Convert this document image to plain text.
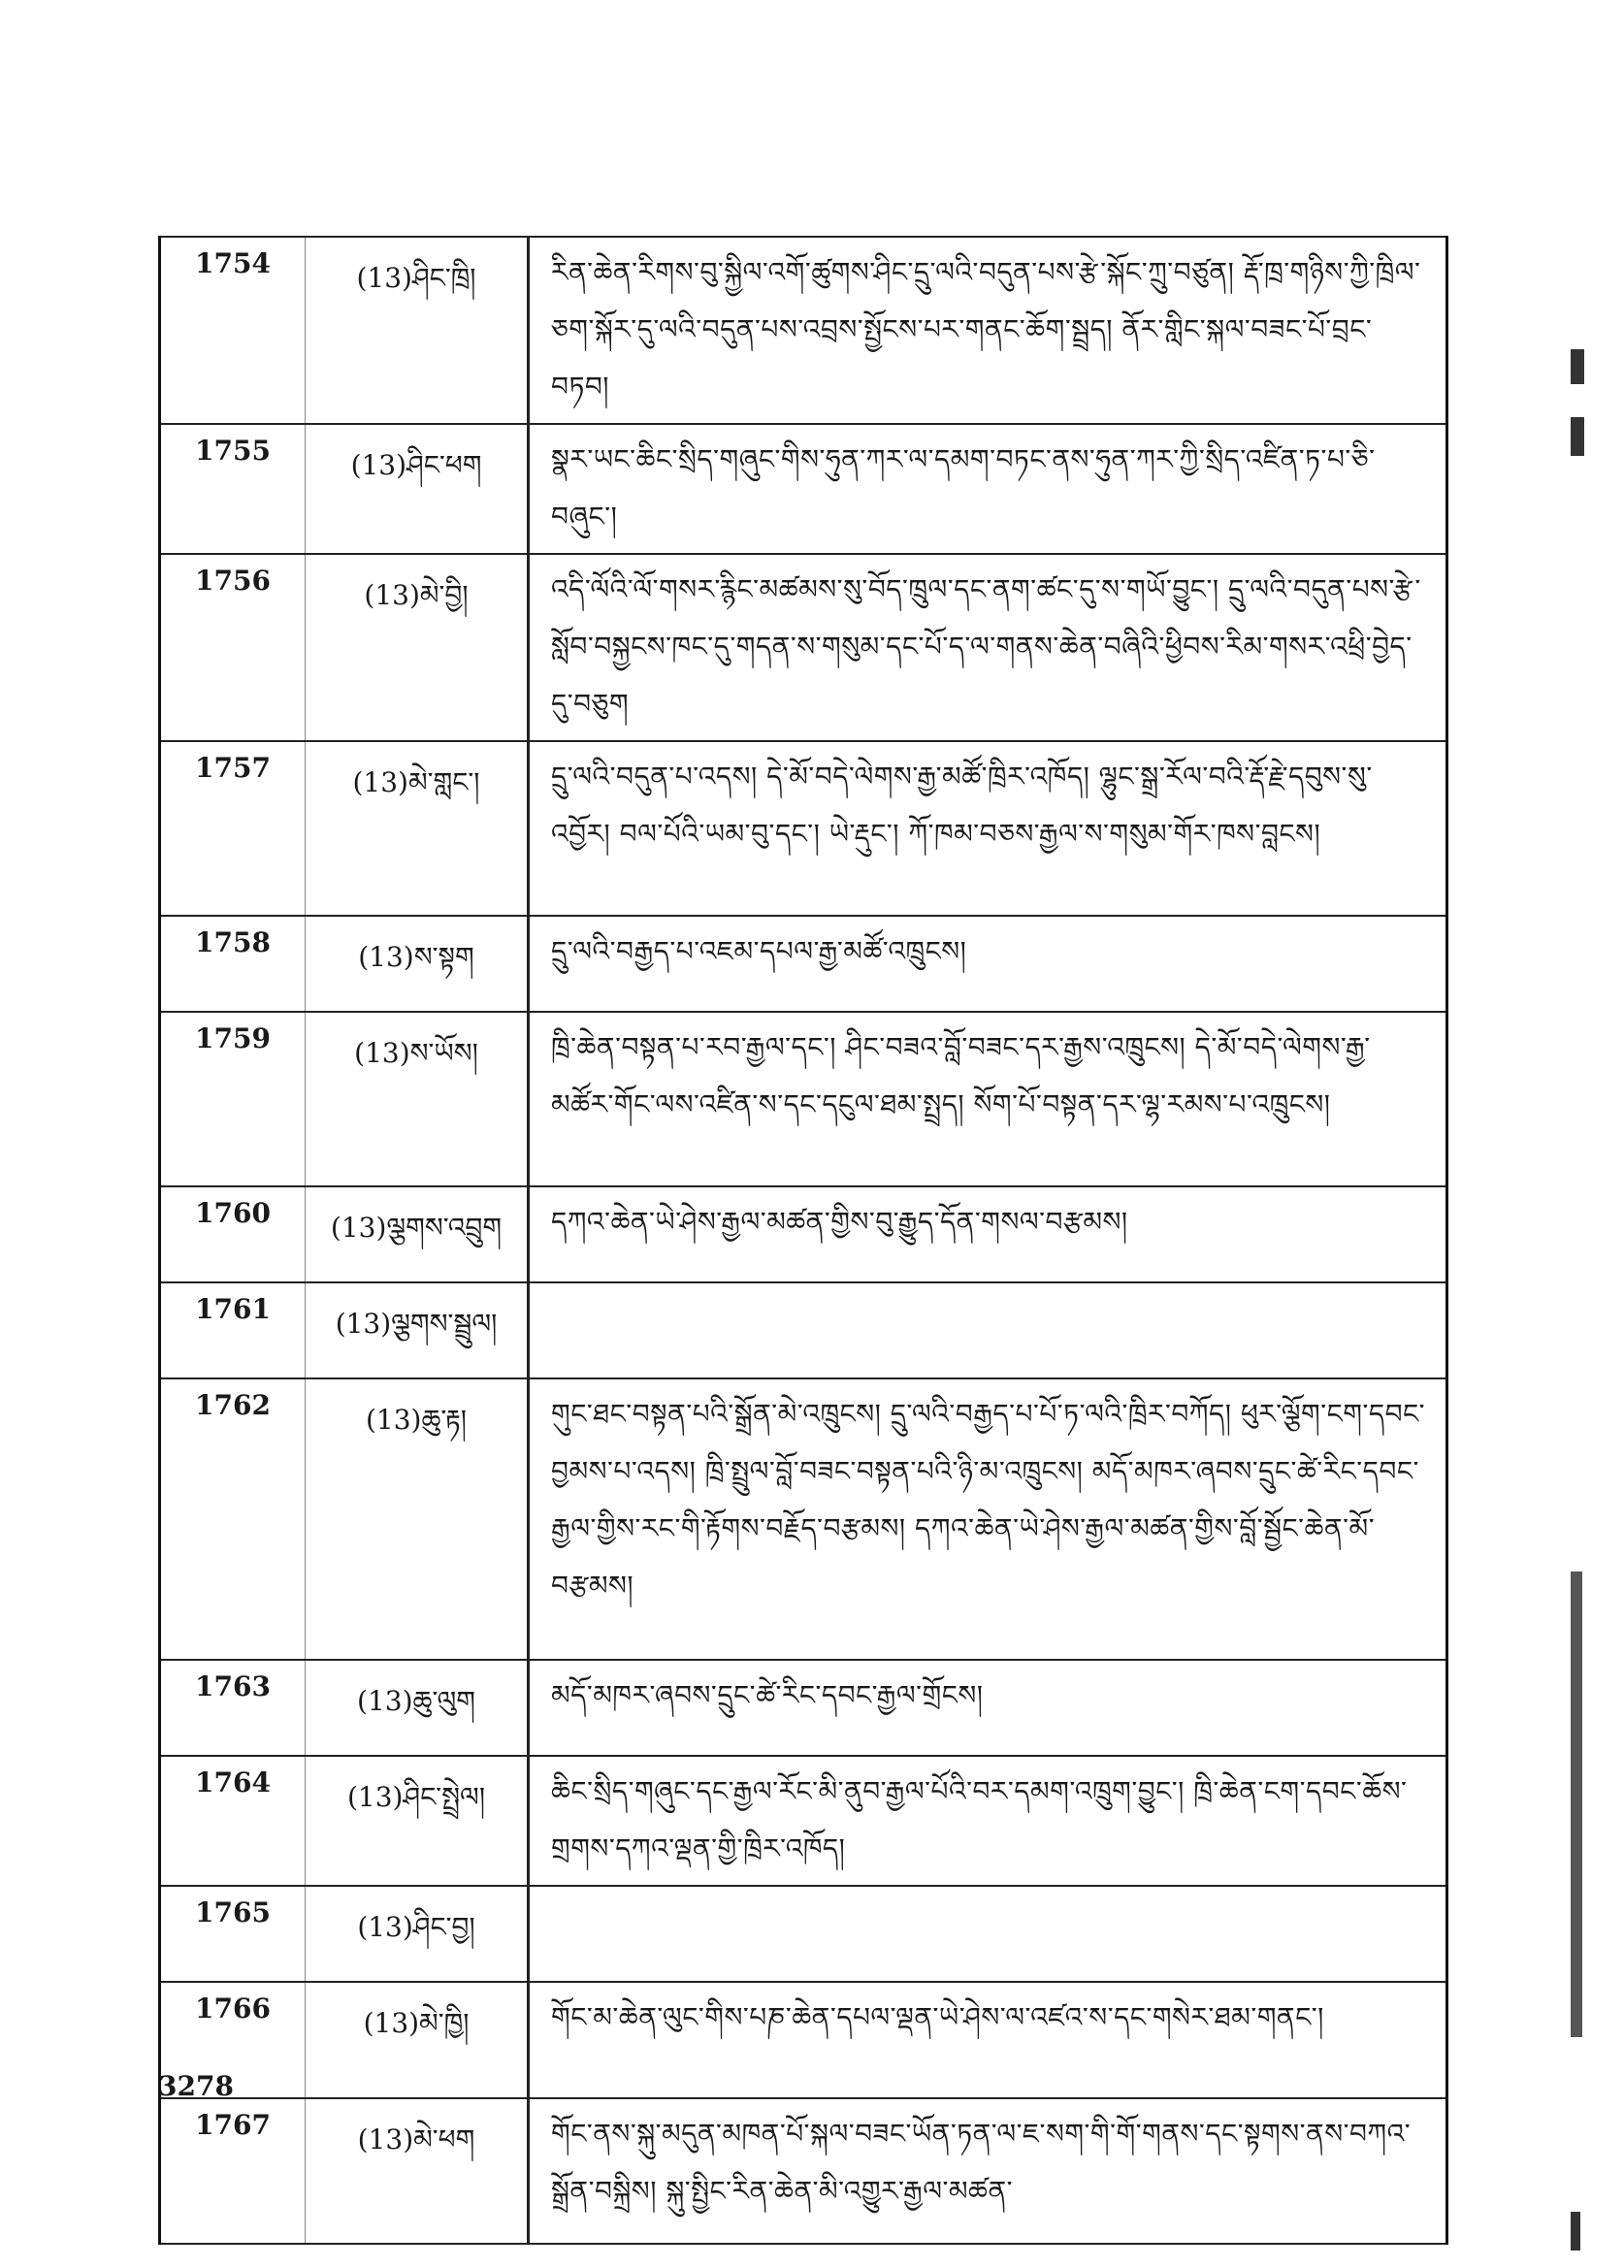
1754	(13)ཤིང་ཁྲི།	རིན་ཆེན་རིགས་བུ་སྐྱིལ་འགོ་ཚུགས་ཤིང་དྲུ་ལའི་བདུན་པས་རྩེ་སྐོང་ཀྲུ་བཙུན། རྡོ་ཁྲ་གཉིས་ཀྱི་ཁྲིལ་ཅག་སྐོར་དུ་ལའི་བདུན་པས་འབྲས་སྤྱོངས་པར་གནང་ཆོག་སྦྲད། ནོར་གླིང་སྐལ་བཟང་པོ་བྲང་བཏབ།
1755	(13)ཤིང་ཕག	སྣར་ཡང་ཆིང་སྲིད་གཞུང་གིས་ཧུན་ཀར་ལ་དམག་བཏང་ནས་ཧུན་ཀར་ཀྱི་སྲིད་འཛིན་ཏ་པ་ཅི་བཞུང་།
1756	(13)མེ་བྱི།	འདི་ལོའི་ལོ་གསར་རྙིང་མཚམས་སུ་བོད་ཁྲུལ་དང་ནག་ཚང་དུ་ས་གཡོ་བྱུང་། དྲུ་ལའི་བདུན་པས་རྩེ་སློབ་བསྐྱངས་ཁང་དུ་གདན་ས་གསུམ་དང་པོ་ད་ལ་གནས་ཆེན་བཞིའི་ཕྱིབས་རིམ་གསར་འཕྲི་བྱེད་དུ་བཅུག
1757	(13)མེ་གླང་།	དྲུ་ལའི་བདུན་པ་འདས། དེ་མོ་བདེ་ལེགས་རྒྱ་མཚོ་ཁྲིར་འཁོད། ལྷུང་སྒྲ་རོལ་བའི་རྡོ་རྗེ་དབུས་སུ་འབྱོར། བལ་པོའི་ཡམ་བུ་དང་། ཡེ་རྡུང་། ཀོ་ཁམ་བཅས་རྒྱལ་ས་གསུམ་གོར་ཁས་བླངས།
1758	(13)ས་སྟག	དྲུ་ལའི་བརྒྱད་པ་འཇམ་དཔལ་རྒྱ་མཚོ་འཁྲུངས།
1759	(13)ས་ཡོས།	ཁྲི་ཆེན་བསྟན་པ་རབ་རྒྱལ་དང་། ཤིང་བཟའ་བློ་བཟང་དར་རྒྱས་འཁྲུངས། དེ་མོ་བདེ་ལེགས་རྒྱ་མཚོར་གོང་ལས་འཛིན་ས་དང་དངུལ་ཐམ་སྤྲད། སོག་པོ་བསྟན་དར་ལྷ་རམས་པ་འཁྲུངས།
1760	(13)ལྕགས་འབྲུག	དཀའ་ཆེན་ཡེ་ཤེས་རྒྱལ་མཚན་གྱིས་བུ་རྒྱུད་དོན་གསལ་བརྩམས།
1761	(13)ལྕགས་སྦྲུལ།	
1762	(13)ཆུ་རྟ།	གུང་ཐང་བསྟན་པའི་སྒྲོན་མེ་འཁྲུངས། དྲུ་ལའི་བརྒྱད་པ་པོ་ཏ་ལའི་ཁྲིར་བཀོད། ཕུར་ལྕོག་ངག་དབང་བྱམས་པ་འདས། ཁྲི་སྤྲུལ་བློ་བཟང་བསྟན་པའི་ཉི་མ་འཁྲུངས། མདོ་མཁར་ཞབས་དྲུང་ཚེ་རིང་དབང་རྒྱལ་གྱིས་རང་གི་རྟོགས་བརྗོད་བརྩམས། དཀའ་ཆེན་ཡེ་ཤེས་རྒྱལ་མཚན་གྱིས་བློ་སྦྱོང་ཆེན་མོ་བརྩམས།
1763	(13)ཆུ་ལུག	མདོ་མཁར་ཞབས་དྲུང་ཚེ་རིང་དབང་རྒྱལ་གྲོངས།
1764	(13)ཤིང་སྤྲེལ།	ཆིང་སྲིད་གཞུང་དང་རྒྱལ་རོང་མི་ནུབ་རྒྱལ་པོའི་བར་དམག་འཁྲུག་བྱུང་། ཁྲི་ཆེན་ངག་དབང་ཆོས་གྲགས་དཀའ་ལྡན་གྱི་ཁྲིར་འཁོད།
1765	(13)ཤིང་བྱ།	
1766	(13)མེ་ཁྱི།	གོང་མ་ཆེན་ལུང་གིས་པཎ་ཆེན་དཔལ་ལྡན་ཡེ་ཤེས་ལ་འཛའ་ས་དང་གསེར་ཐམ་གནང་།
1767	(13)མེ་ཕག	གོང་ནས་སྐུ་མདུན་མཁན་པོ་སྐལ་བཟང་ཡོན་ཏན་ལ་ཇ་སག་གི་གོ་གནས་དང་སྟགས་ནས་བཀའ་སྒྲོན་བསྐྲིས། སྐུ་སྤྱིང་རིན་ཆེན་མི་འགྱུར་རྒྱལ་མཚན་
3278
